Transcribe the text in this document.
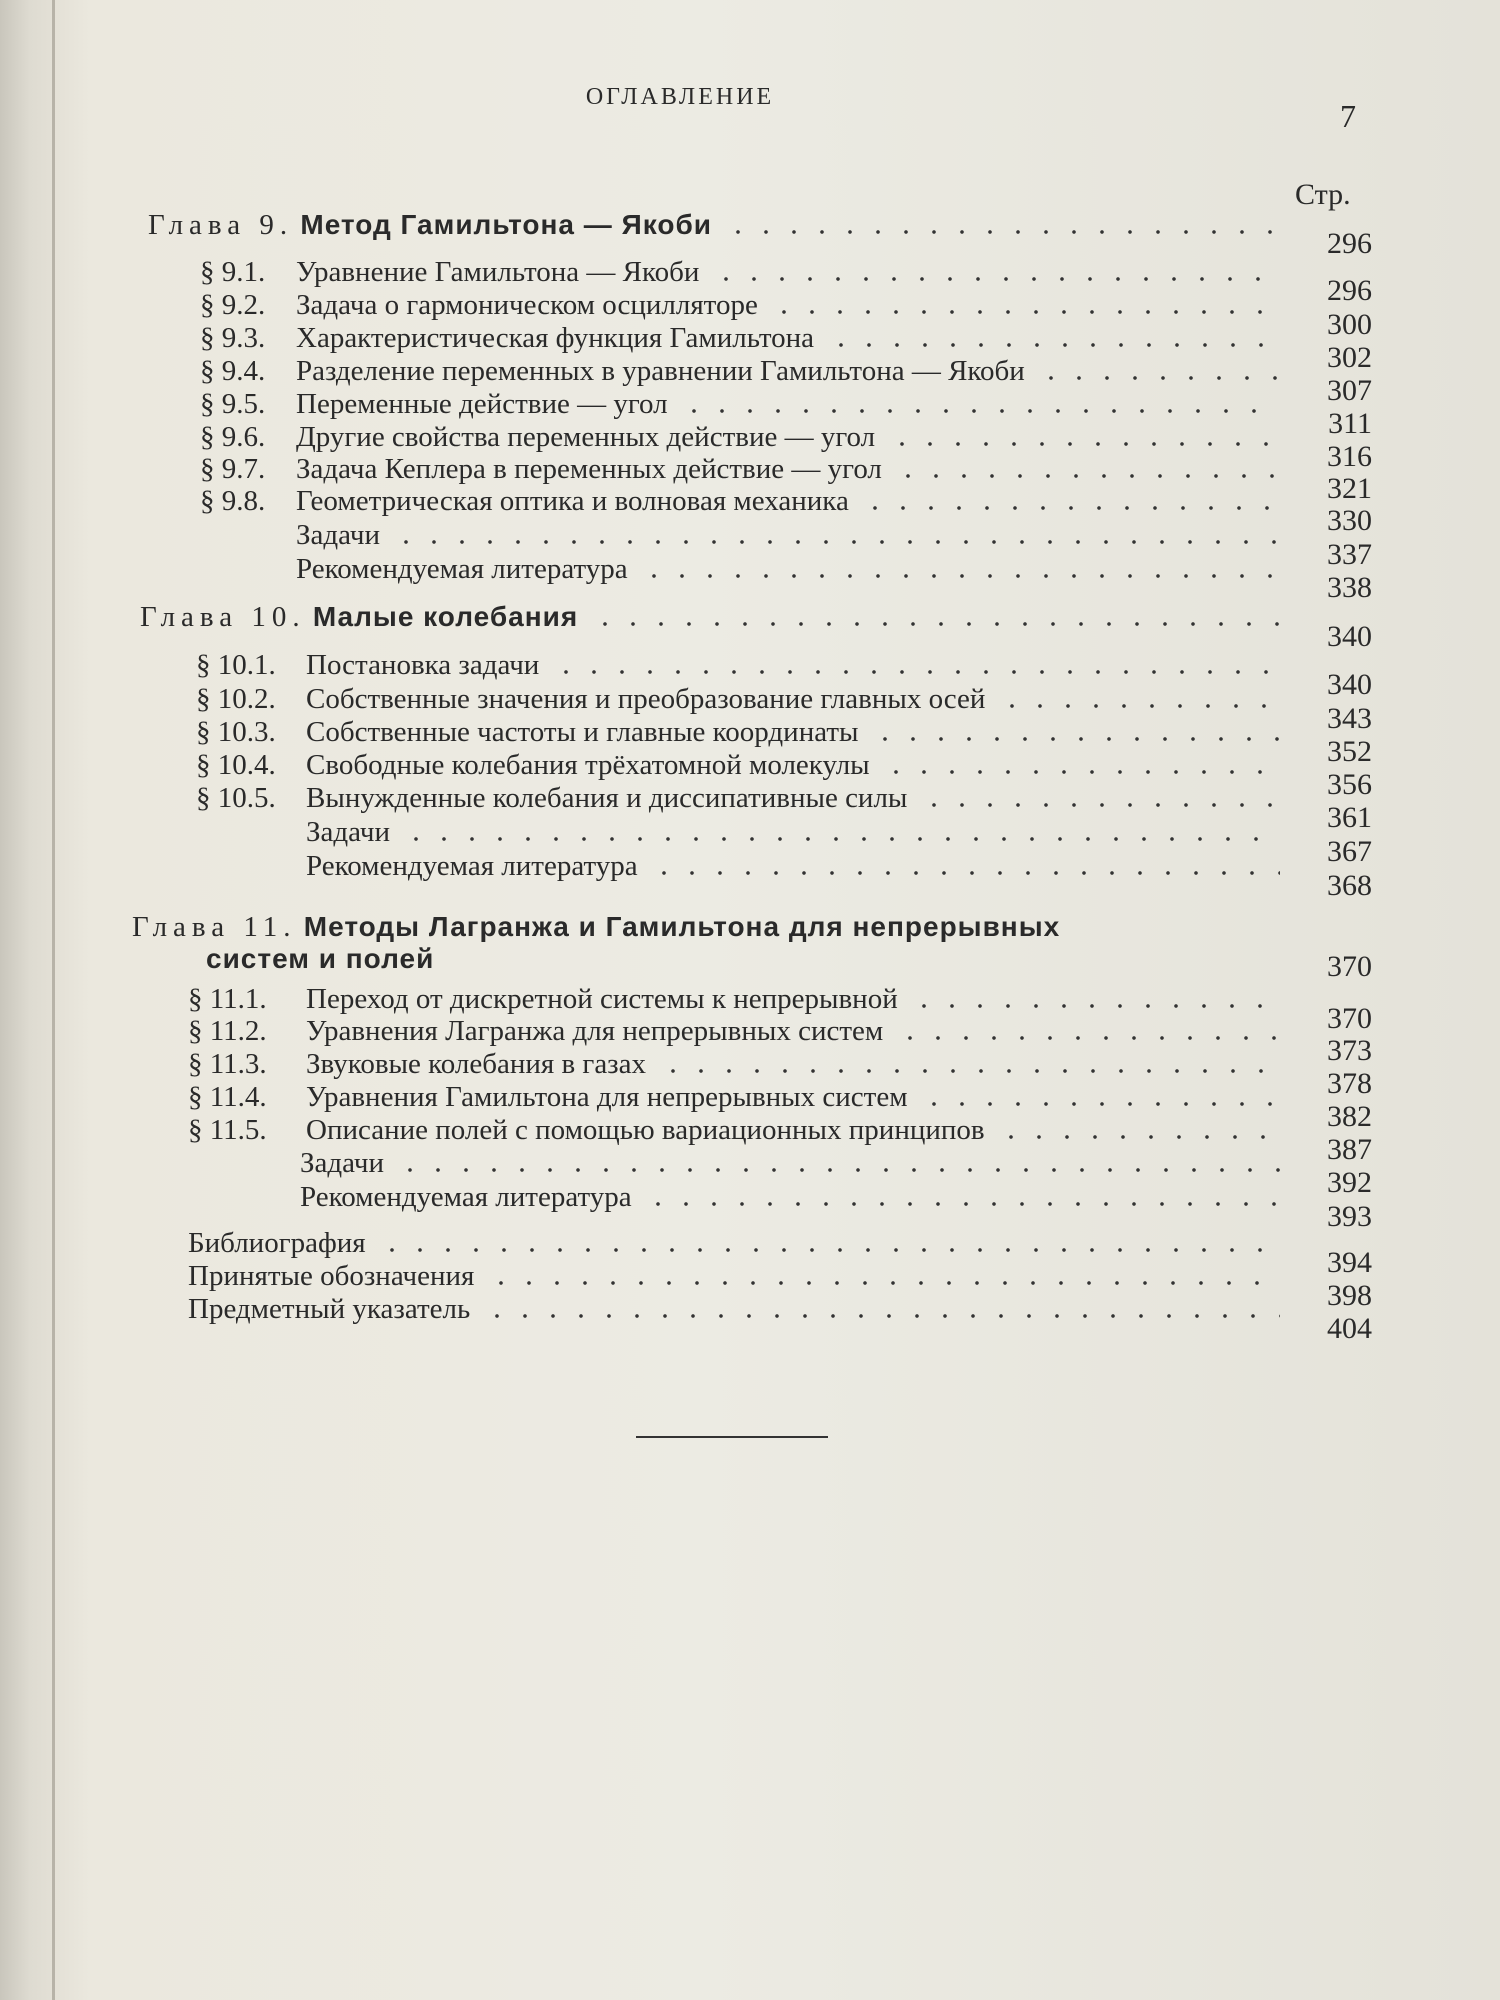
ОГЛАВЛЕНИЕ
7
Стр.
Глава 9. Метод Гамильтона — Якоби
296
§ 9.1. Уравнение Гамильтона — Якоби
296
§ 9.2. Задача о гармоническом осцилляторе
300
§ 9.3. Характеристическая функция Гамильтона
302
§ 9.4. Разделение переменных в уравнении Гамильтона — Якоби
307
§ 9.5. Переменные действие — угол
311
§ 9.6. Другие свойства переменных действие — угол
316
§ 9.7. Задача Кеплера в переменных действие — угол
321
§ 9.8. Геометрическая оптика и волновая механика
330
Задачи
337
Рекомендуемая литература
338
Глава 10. Малые колебания
340
§ 10.1. Постановка задачи
340
§ 10.2. Собственные значения и преобразование главных осей
343
§ 10.3. Собственные частоты и главные координаты
352
§ 10.4. Свободные колебания трёхатомной молекулы
356
§ 10.5. Вынужденные колебания и диссипативные силы
361
Задачи
367
Рекомендуемая литература
368
Глава 11. Методы Лагранжа и Гамильтона для непрерывных
систем и полей	370
§ 11.1. Переход от дискретной системы к непрерывной
370
§ 11.2. Уравнения Лагранжа для непрерывных систем
373
§ 11.3. Звуковые колебания в газах
378
§ 11.4. Уравнения Гамильтона для непрерывных систем
382
§ 11.5. Описание полей с помощью вариационных принципов
387
Задачи
392
Рекомендуемая литература
393
Библиография
394
Принятые обозначения
398
Предметный указатель
404
